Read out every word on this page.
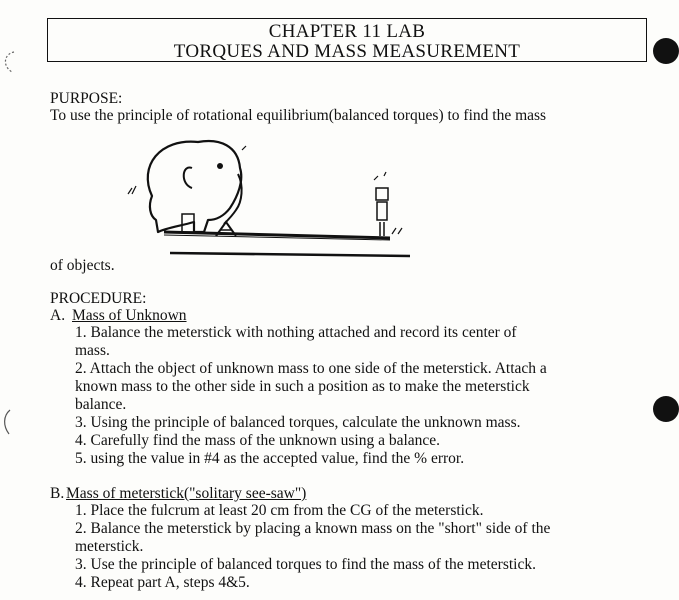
CHAPTER 11 LAB
TORQUES AND MASS MEASUREMENT
PURPOSE:
To use the principle of rotational equilibrium(balanced torques) to find the mass
of objects.
PROCEDURE:
A. Mass of Unknown
1. Balance the meterstick with nothing attached and record its center of
mass.
2. Attach the object of unknown mass to one side of the meterstick. Attach a
known mass to the other side in such a position as to make the meterstick
balance.
3. Using the principle of balanced torques, calculate the unknown mass.
4. Carefully find the mass of the unknown using a balance.
5. using the value in #4 as the accepted value, find the % error.
B. Mass of meterstick("solitary see-saw")
1. Place the fulcrum at least 20 cm from the CG of the meterstick.
2. Balance the meterstick by placing a known mass on the "short" side of the
meterstick.
3. Use the principle of balanced torques to find the mass of the meterstick.
4. Repeat part A, steps 4&5.
